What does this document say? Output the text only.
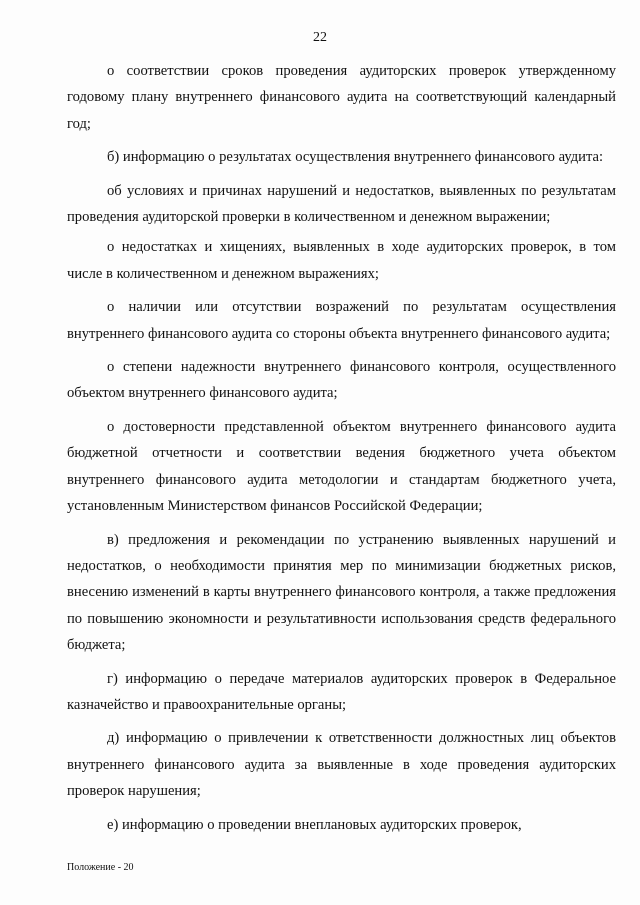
22

о соответствии сроков проведения аудиторских проверок утвержденному годовому плану внутреннего финансового аудита на соответствующий календарный год;

б) информацию о результатах осуществления внутреннего финансового аудита:

об условиях и причинах нарушений и недостатков, выявленных по результатам проведения аудиторской проверки в количественном и денежном выражении;

о недостатках и хищениях, выявленных в ходе аудиторских проверок, в том числе в количественном и денежном выражениях;

о наличии или отсутствии возражений по результатам осуществления внутреннего финансового аудита со стороны объекта внутреннего финансового аудита;

о степени надежности внутреннего финансового контроля, осуществленного объектом внутреннего финансового аудита;

о достоверности представленной объектом внутреннего финансового аудита бюджетной отчетности и соответствии ведения бюджетного учета объектом внутреннего финансового аудита методологии и стандартам бюджетного учета, установленным Министерством финансов Российской Федерации;

в) предложения и рекомендации по устранению выявленных нарушений и недостатков, о необходимости принятия мер по минимизации бюджетных рисков, внесению изменений в карты внутреннего финансового контроля, а также предложения по повышению экономности и результативности использования средств федерального бюджета;

г) информацию о передаче материалов аудиторских проверок в Федеральное казначейство и правоохранительные органы;

д) информацию о привлечении к ответственности должностных лиц объектов внутреннего финансового аудита за выявленные в ходе проведения аудиторских проверок нарушения;

е) информацию о проведении внеплановых аудиторских проверок,

Положение - 20
